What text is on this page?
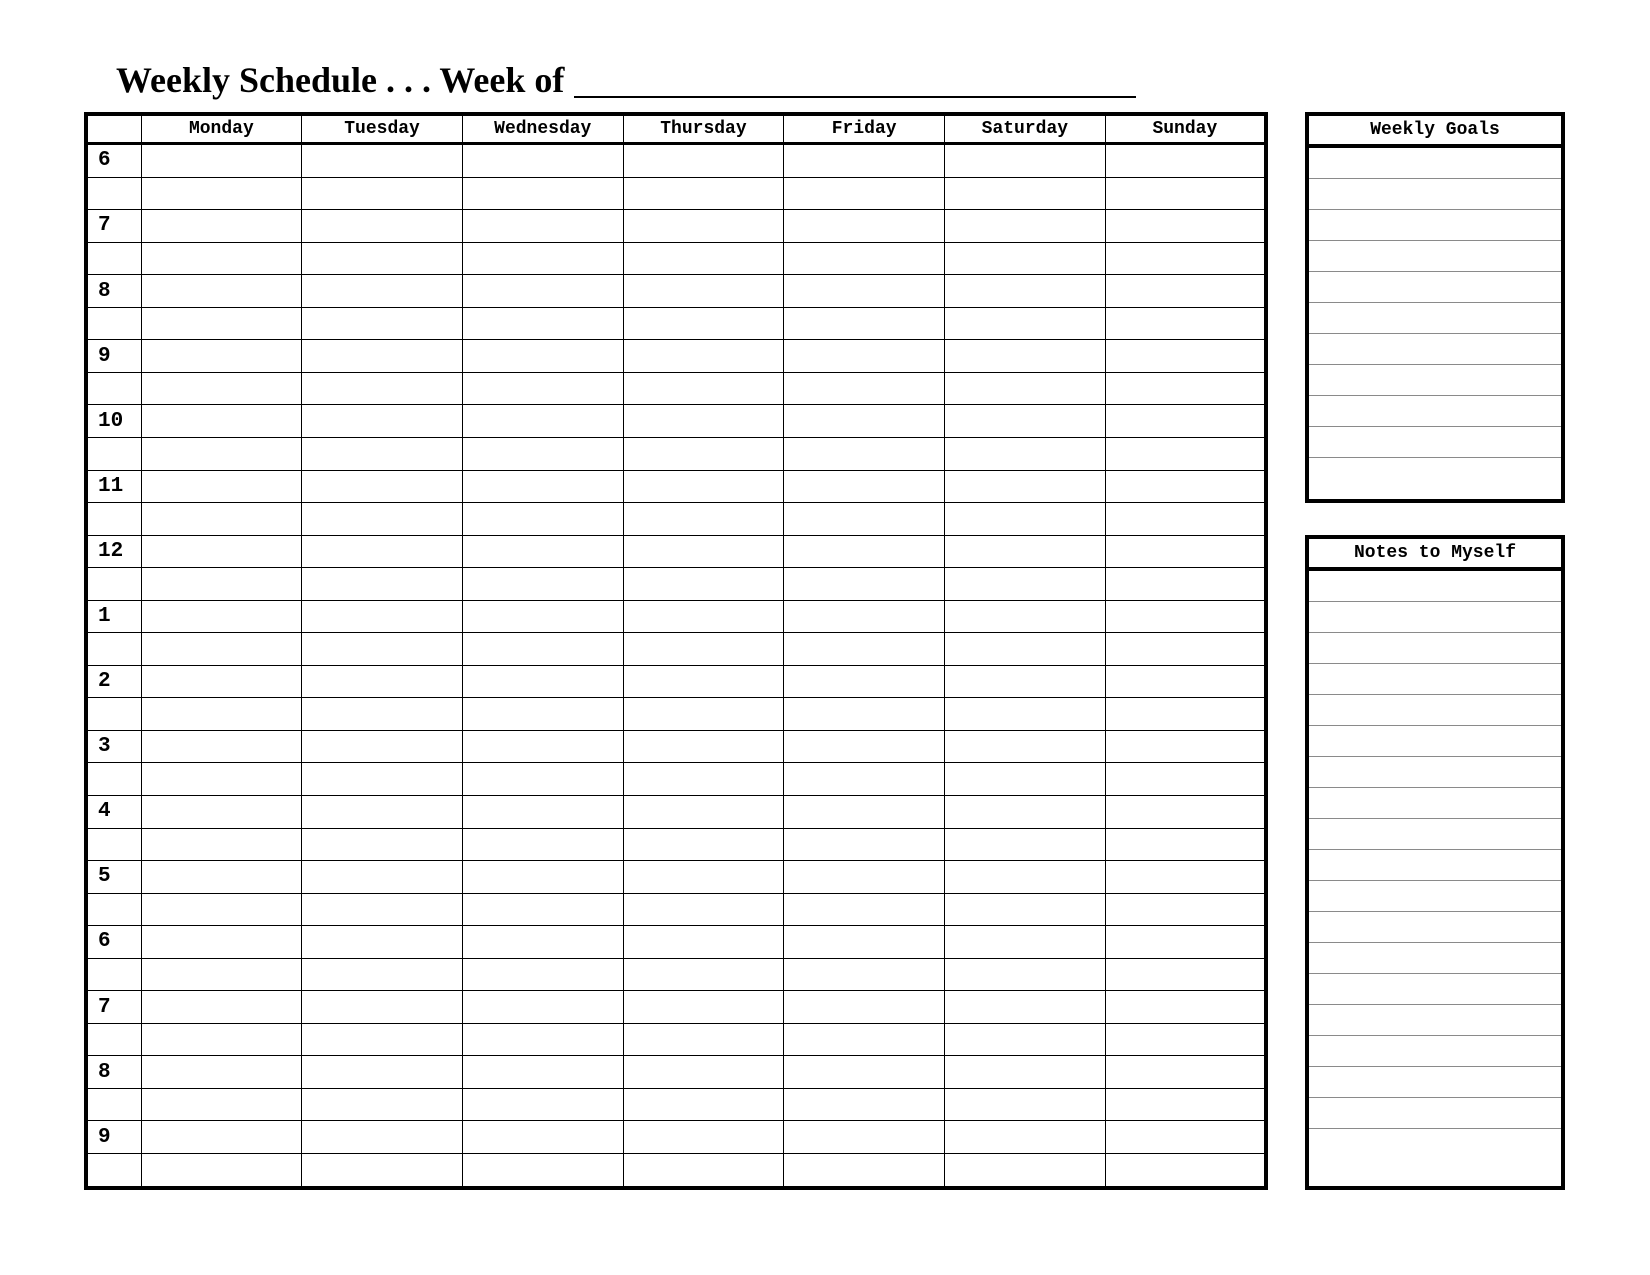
Weekly Schedule . . . Week of
	Monday	Tuesday	Wednesday	Thursday	Friday	Saturday	Sunday
6							

7							

8							

9							

10							

11							

12							

1							

2							

3							

4							

5							

6							

7							

8							

9							

Weekly Goals
Notes to Myself
